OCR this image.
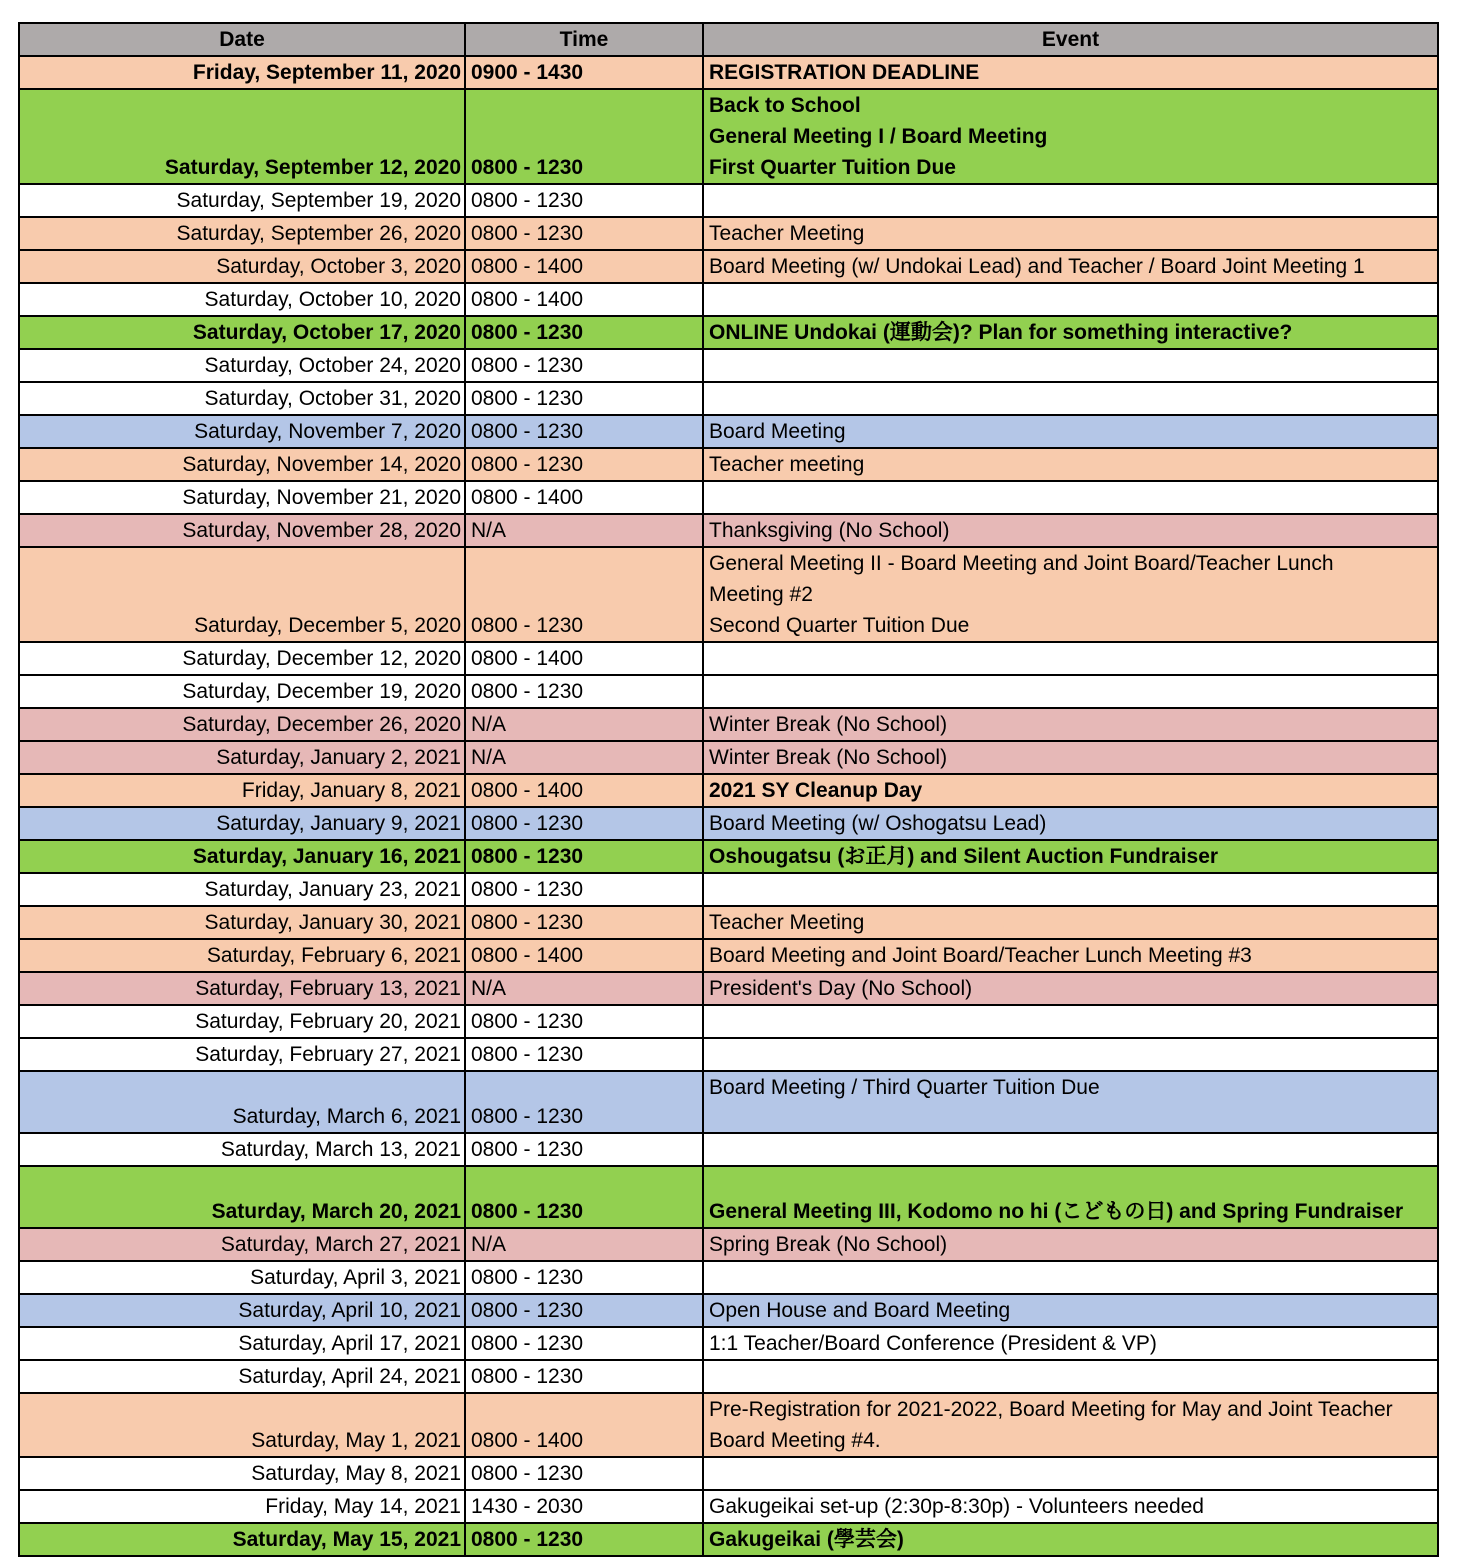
Date	Time	Event
Friday, September 11, 2020	0900 - 1430	REGISTRATION DEADLINE
Saturday, September 12, 2020	0800 - 1230	Back to School
General Meeting I / Board Meeting
First Quarter Tuition Due
Saturday, September 19, 2020	0800 - 1230	
Saturday, September 26, 2020	0800 - 1230	Teacher Meeting
Saturday, October 3, 2020	0800 - 1400	Board Meeting (w/ Undokai Lead) and Teacher / Board Joint Meeting 1
Saturday, October 10, 2020	0800 - 1400	
Saturday, October 17, 2020	0800 - 1230	ONLINE Undokai (運動会)? Plan for something interactive?
Saturday, October 24, 2020	0800 - 1230	
Saturday, October 31, 2020	0800 - 1230	
Saturday, November 7, 2020	0800 - 1230	Board Meeting
Saturday, November 14, 2020	0800 - 1230	Teacher meeting
Saturday, November 21, 2020	0800 - 1400	
Saturday, November 28, 2020	N/A	Thanksgiving (No School)
Saturday, December 5, 2020	0800 - 1230	General Meeting II - Board Meeting and Joint Board/Teacher Lunch
Meeting #2
Second Quarter Tuition Due
Saturday, December 12, 2020	0800 - 1400	
Saturday, December 19, 2020	0800 - 1230	
Saturday, December 26, 2020	N/A	Winter Break (No School)
Saturday, January 2, 2021	N/A	Winter Break (No School)
Friday, January 8, 2021	0800 - 1400	2021 SY Cleanup Day
Saturday, January 9, 2021	0800 - 1230	Board Meeting (w/ Oshogatsu Lead)
Saturday, January 16, 2021	0800 - 1230	Oshougatsu (お正月) and Silent Auction Fundraiser
Saturday, January 23, 2021	0800 - 1230	
Saturday, January 30, 2021	0800 - 1230	Teacher Meeting
Saturday, February 6, 2021	0800 - 1400	Board Meeting and Joint Board/Teacher Lunch Meeting #3
Saturday, February 13, 2021	N/A	President's Day (No School)
Saturday, February 20, 2021	0800 - 1230	
Saturday, February 27, 2021	0800 - 1230	
Saturday, March 6, 2021	0800 - 1230	Board Meeting / Third Quarter Tuition Due
Saturday, March 13, 2021	0800 - 1230	
Saturday, March 20, 2021	0800 - 1230	General Meeting III, Kodomo no hi (こどもの日) and Spring Fundraiser
Saturday, March 27, 2021	N/A	Spring Break (No School)
Saturday, April 3, 2021	0800 - 1230	
Saturday, April 10, 2021	0800 - 1230	Open House and Board Meeting
Saturday, April 17, 2021	0800 - 1230	1:1 Teacher/Board Conference (President & VP)
Saturday, April 24, 2021	0800 - 1230	
Saturday, May 1, 2021	0800 - 1400	Pre-Registration for 2021-2022, Board Meeting for May and Joint Teacher
Board Meeting #4.
Saturday, May 8, 2021	0800 - 1230	
Friday, May 14, 2021	1430 - 2030	Gakugeikai set-up (2:30p-8:30p) - Volunteers needed
Saturday, May 15, 2021	0800 - 1230	Gakugeikai (學芸会)
